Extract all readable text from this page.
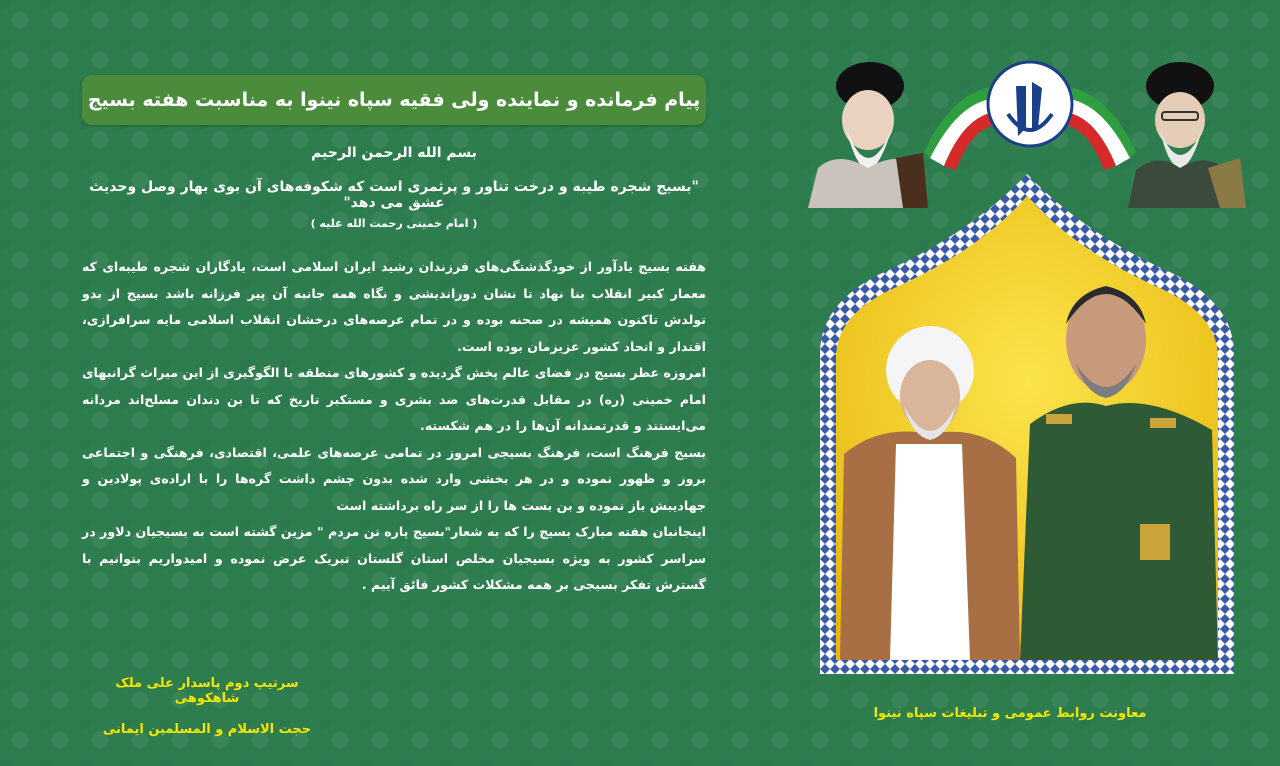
پیام فرمانده و نماینده ولی فقیه سپاه نینوا به مناسبت هفته بسیج

بسم الله الرحمن الرحیم

"بسیج شجره طیبه و درخت تناور و پرثمری است که شکوفه‌های آن بوی بهار وصل وحدیث عشق می دهد"

( امام خمینی رحمت الله علیه )

هفته بسیج یادآور از خودگذشتگی‌های فرزندان رشید ایران اسلامی است، یادگاران شجره طیبه‌ای که معمار کبیر انقلاب بنا نهاد تا نشان دوراندیشی و نگاه همه جانبه آن پیر فرزانه باشد بسیج از بدو تولدش تاکنون همیشه در صحنه بوده و در تمام عرصه‌های درخشان انقلاب اسلامی مایه سرافرازی، اقتدار و اتحاد کشور عزیزمان بوده است.

امروزه عطر بسیج در فضای عالم پخش گردیده و کشورهای منطقه با الگوگیری از این میراث گرانبهای امام خمینی (ره) در مقابل قدرت‌های ضد بشری و مستکبر تاریخ که تا بن دندان مسلح‌اند مردانه می‌ایستند و قدرتمندانه آن‌ها را در هم شکسته.

بسیج فرهنگ است، فرهنگ بسیجی امروز در تمامی عرصه‌های علمی، اقتصادی، فرهنگی و اجتماعی بروز و ظهور نموده و در هر بخشی وارد شده بدون چشم داشت گره‌ها را با اراده‌ی پولادین و جهادیبش باز نموده و بن بست ها را از سر راه برداشته است

اینجانبان هفته مبارک بسیج را که به شعار"بسیج پاره تن مردم " مزین گشته است به بسیجیان دلاور در سراسر کشور به ویژه بسیجیان مخلص استان گلستان تبریک عرض نموده و امیدواریم بتوانیم با گسترش تفکر بسیجی بر همه مشکلات کشور فائق آییم .

سرتیپ دوم پاسدار علی ملک شاهکوهی
حجت الاسلام و المسلمین ایمانی
معاونت روابط عمومی و تبلیغات سپاه نینوا
